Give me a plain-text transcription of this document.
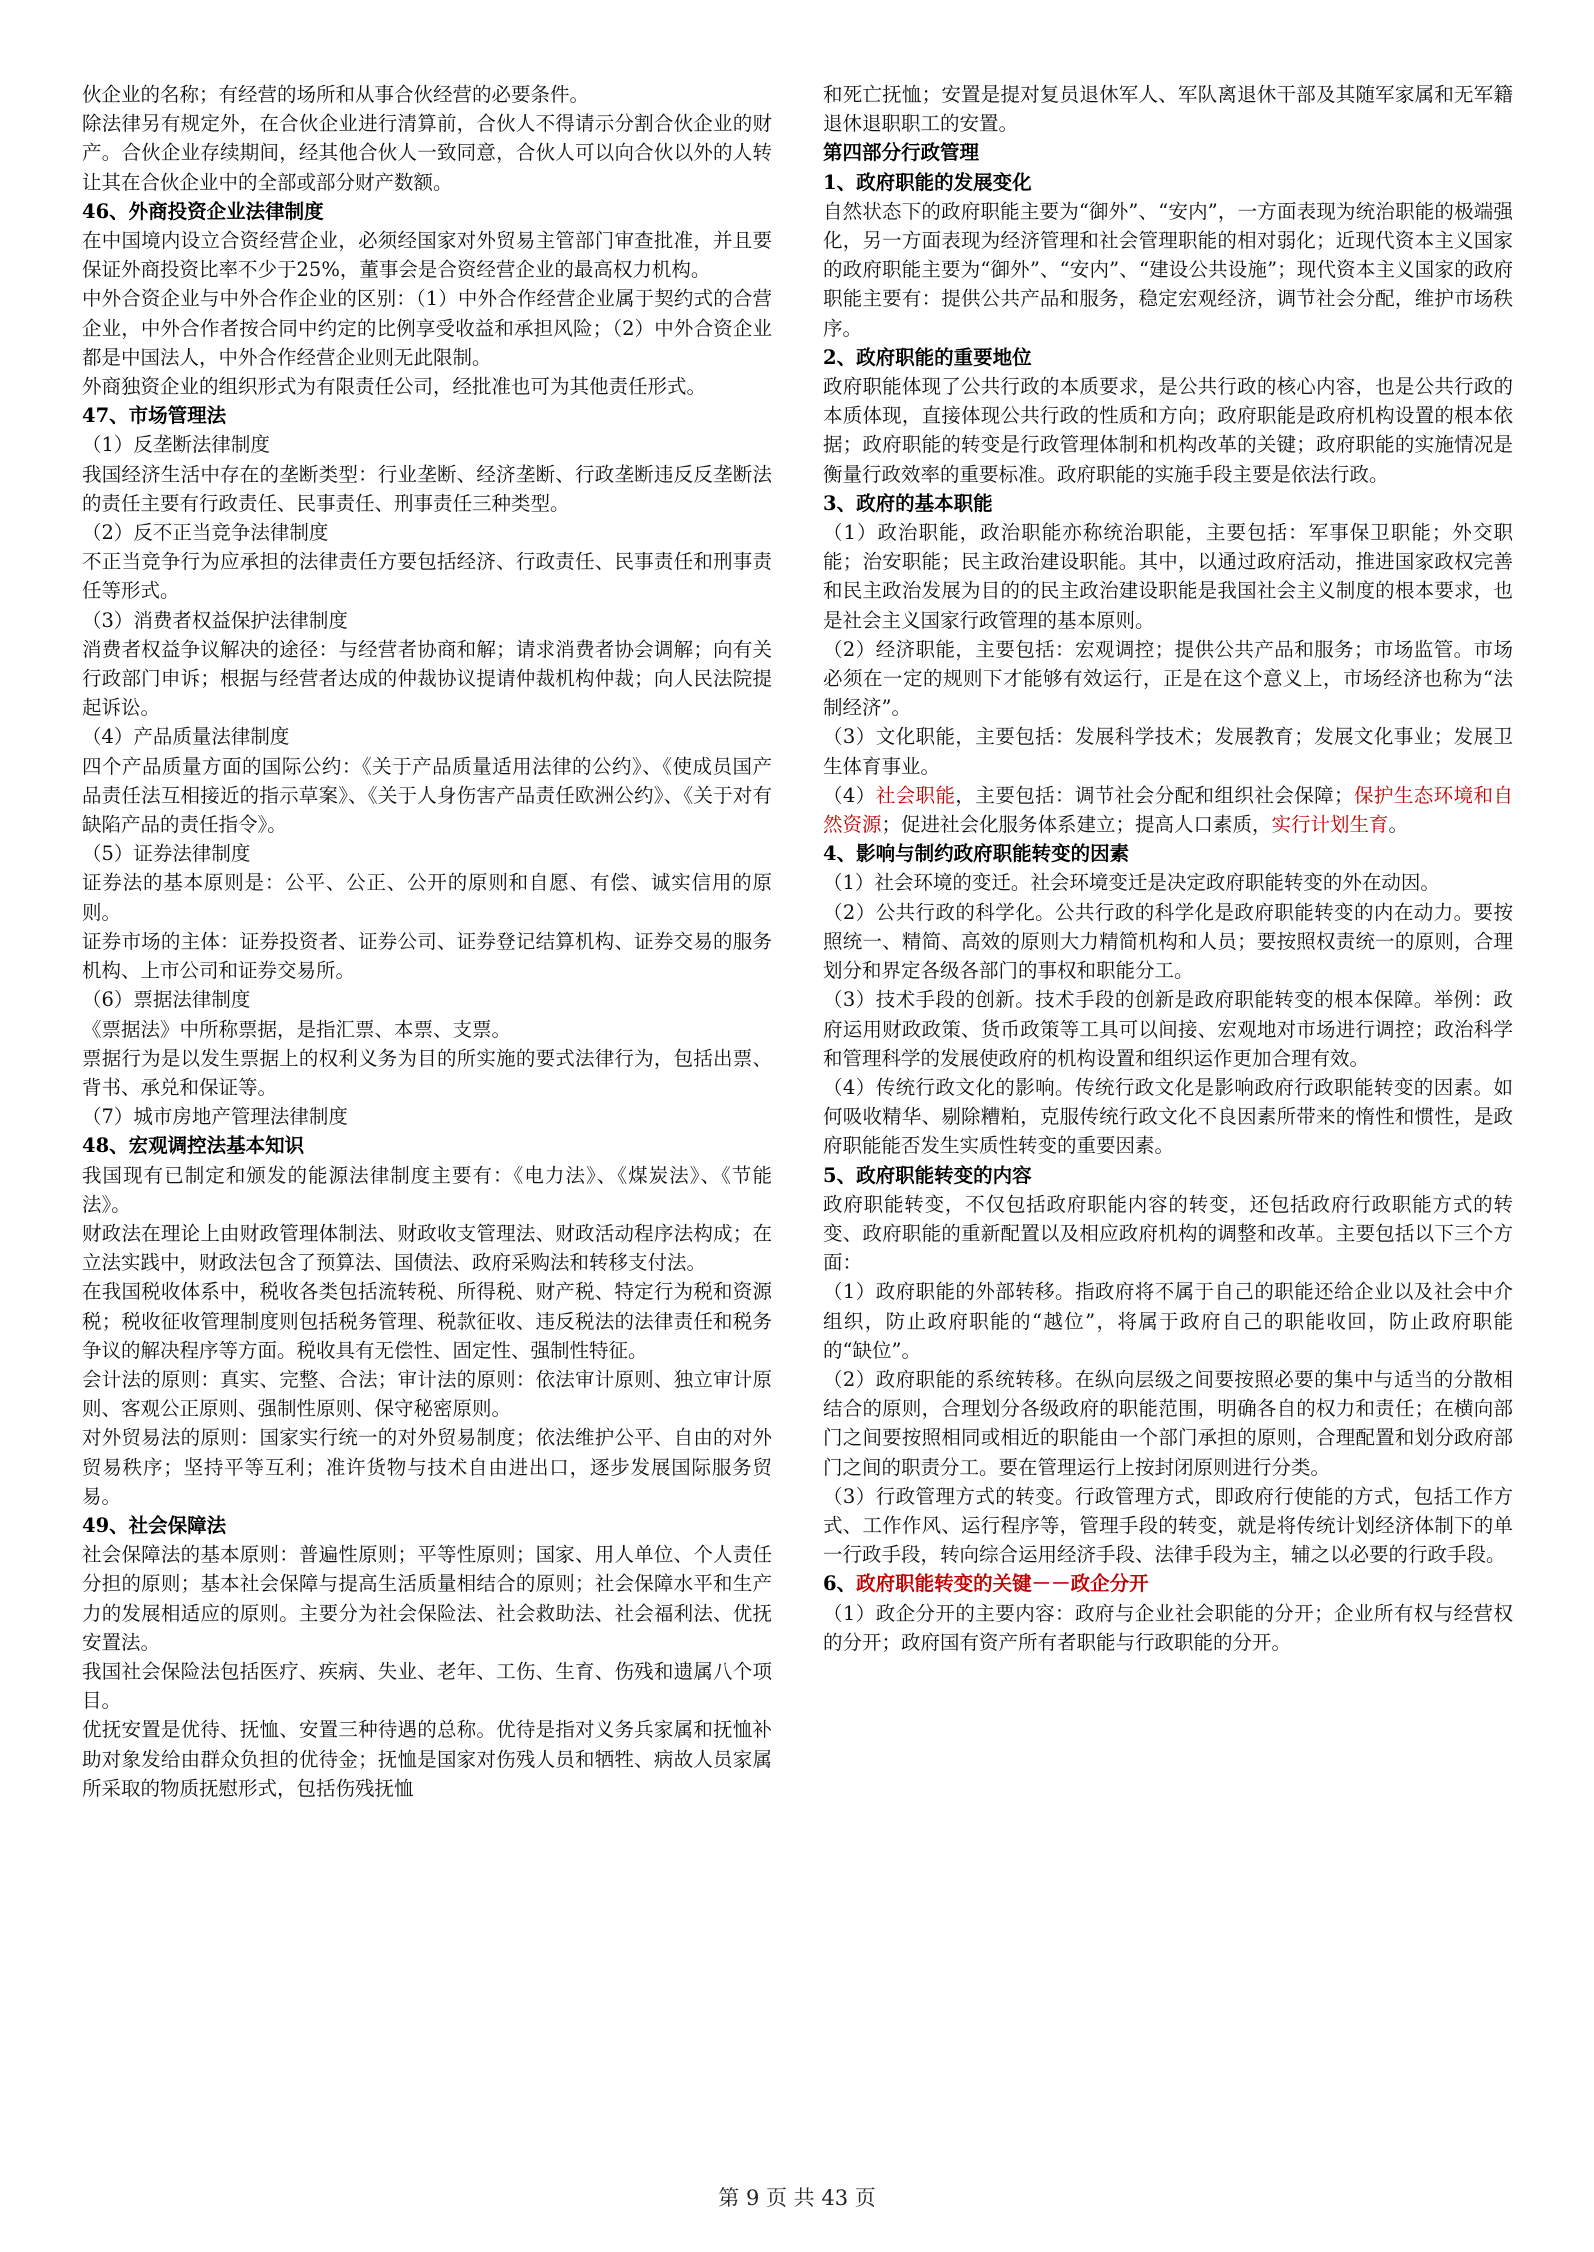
伙企业的名称；有经营的场所和从事合伙经营的必要条件。

除法律另有规定外，在合伙企业进行清算前，合伙人不得请示分割合伙企业的财产。合伙企业存续期间，经其他合伙人一致同意，合伙人可以向合伙以外的人转让其在合伙企业中的全部或部分财产数额。

46、外商投资企业法律制度

在中国境内设立合资经营企业，必须经国家对外贸易主管部门审查批准，并且要保证外商投资比率不少于25%，董事会是合资经营企业的最高权力机构。

中外合资企业与中外合作企业的区别：（1）中外合作经营企业属于契约式的合营企业，中外合作者按合同中约定的比例享受收益和承担风险；（2）中外合资企业都是中国法人，中外合作经营企业则无此限制。

外商独资企业的组织形式为有限责任公司，经批准也可为其他责任形式。

47、市场管理法

（1）反垄断法律制度

我国经济生活中存在的垄断类型：行业垄断、经济垄断、行政垄断违反反垄断法的责任主要有行政责任、民事责任、刑事责任三种类型。

（2）反不正当竞争法律制度

不正当竞争行为应承担的法律责任方要包括经济、行政责任、民事责任和刑事责任等形式。

（3）消费者权益保护法律制度

消费者权益争议解决的途径：与经营者协商和解；请求消费者协会调解；向有关行政部门申诉；根据与经营者达成的仲裁协议提请仲裁机构仲裁；向人民法院提起诉讼。

（4）产品质量法律制度

四个产品质量方面的国际公约：《关于产品质量适用法律的公约》、《使成员国产品责任法互相接近的指示草案》、《关于人身伤害产品责任欧洲公约》、《关于对有缺陷产品的责任指令》。

（5）证券法律制度

证券法的基本原则是：公平、公正、公开的原则和自愿、有偿、诚实信用的原则。

证券市场的主体：证券投资者、证券公司、证券登记结算机构、证券交易的服务机构、上市公司和证券交易所。

（6）票据法律制度

《票据法》中所称票据，是指汇票、本票、支票。

票据行为是以发生票据上的权利义务为目的所实施的要式法律行为，包括出票、背书、承兑和保证等。

（7）城市房地产管理法律制度

48、宏观调控法基本知识

我国现有已制定和颁发的能源法律制度主要有：《电力法》、《煤炭法》、《节能法》。

财政法在理论上由财政管理体制法、财政收支管理法、财政活动程序法构成；在立法实践中，财政法包含了预算法、国债法、政府采购法和转移支付法。

在我国税收体系中，税收各类包括流转税、所得税、财产税、特定行为税和资源税；税收征收管理制度则包括税务管理、税款征收、违反税法的法律责任和税务争议的解决程序等方面。税收具有无偿性、固定性、强制性特征。

会计法的原则：真实、完整、合法；审计法的原则：依法审计原则、独立审计原则、客观公正原则、强制性原则、保守秘密原则。

对外贸易法的原则：国家实行统一的对外贸易制度；依法维护公平、自由的对外贸易秩序；坚持平等互利；准许货物与技术自由进出口，逐步发展国际服务贸易。

49、社会保障法

社会保障法的基本原则：普遍性原则；平等性原则；国家、用人单位、个人责任分担的原则；基本社会保障与提高生活质量相结合的原则；社会保障水平和生产力的发展相适应的原则。主要分为社会保险法、社会救助法、社会福利法、优抚安置法。

我国社会保险法包括医疗、疾病、失业、老年、工伤、生育、伤残和遗属八个项目。

优抚安置是优待、抚恤、安置三种待遇的总称。优待是指对义务兵家属和抚恤补助对象发给由群众负担的优待金；抚恤是国家对伤残人员和牺牲、病故人员家属所采取的物质抚慰形式，包括伤残抚恤

和死亡抚恤；安置是提对复员退休军人、军队离退休干部及其随军家属和无军籍退休退职职工的安置。

第四部分行政管理
1、政府职能的发展变化

自然状态下的政府职能主要为“御外”、“安内”，一方面表现为统治职能的极端强化，另一方面表现为经济管理和社会管理职能的相对弱化；近现代资本主义国家的政府职能主要为“御外”、“安内”、“建设公共设施”；现代资本主义国家的政府职能主要有：提供公共产品和服务，稳定宏观经济，调节社会分配，维护市场秩序。

2、政府职能的重要地位

政府职能体现了公共行政的本质要求，是公共行政的核心内容，也是公共行政的本质体现，直接体现公共行政的性质和方向；政府职能是政府机构设置的根本依据；政府职能的转变是行政管理体制和机构改革的关键；政府职能的实施情况是衡量行政效率的重要标准。政府职能的实施手段主要是依法行政。

3、政府的基本职能

（1）政治职能，政治职能亦称统治职能，主要包括：军事保卫职能；外交职能；治安职能；民主政治建设职能。其中，以通过政府活动，推进国家政权完善和民主政治发展为目的的民主政治建设职能是我国社会主义制度的根本要求，也是社会主义国家行政管理的基本原则。

（2）经济职能，主要包括：宏观调控；提供公共产品和服务；市场监管。市场必须在一定的规则下才能够有效运行，正是在这个意义上，市场经济也称为“法制经济”。

（3）文化职能，主要包括：发展科学技术；发展教育；发展文化事业；发展卫生体育事业。

（4）社会职能，主要包括：调节社会分配和组织社会保障；保护生态环境和自然资源；促进社会化服务体系建立；提高人口素质，实行计划生育。

4、影响与制约政府职能转变的因素

（1）社会环境的变迁。社会环境变迁是决定政府职能转变的外在动因。

（2）公共行政的科学化。公共行政的科学化是政府职能转变的内在动力。要按照统一、精简、高效的原则大力精简机构和人员；要按照权责统一的原则，合理划分和界定各级各部门的事权和职能分工。

（3）技术手段的创新。技术手段的创新是政府职能转变的根本保障。举例：政府运用财政政策、货币政策等工具可以间接、宏观地对市场进行调控；政治科学和管理科学的发展使政府的机构设置和组织运作更加合理有效。

（4）传统行政文化的影响。传统行政文化是影响政府行政职能转变的因素。如何吸收精华、剔除糟粕，克服传统行政文化不良因素所带来的惰性和惯性，是政府职能能否发生实质性转变的重要因素。

5、政府职能转变的内容

政府职能转变，不仅包括政府职能内容的转变，还包括政府行政职能方式的转变、政府职能的重新配置以及相应政府机构的调整和改革。主要包括以下三个方面：

（1）政府职能的外部转移。指政府将不属于自己的职能还给企业以及社会中介组织，防止政府职能的“越位”，将属于政府自己的职能收回，防止政府职能的“缺位”。

（2）政府职能的系统转移。在纵向层级之间要按照必要的集中与适当的分散相结合的原则，合理划分各级政府的职能范围，明确各自的权力和责任；在横向部门之间要按照相同或相近的职能由一个部门承担的原则，合理配置和划分政府部门之间的职责分工。要在管理运行上按封闭原则进行分类。

（3）行政管理方式的转变。行政管理方式，即政府行使能的方式，包括工作方式、工作作风、运行程序等，管理手段的转变，就是将传统计划经济体制下的单一行政手段，转向综合运用经济手段、法律手段为主，辅之以必要的行政手段。

6、政府职能转变的关键－－政企分开

（1）政企分开的主要内容：政府与企业社会职能的分开；企业所有权与经营权的分开；政府国有资产所有者职能与行政职能的分开。

第 9 页 共 43 页
